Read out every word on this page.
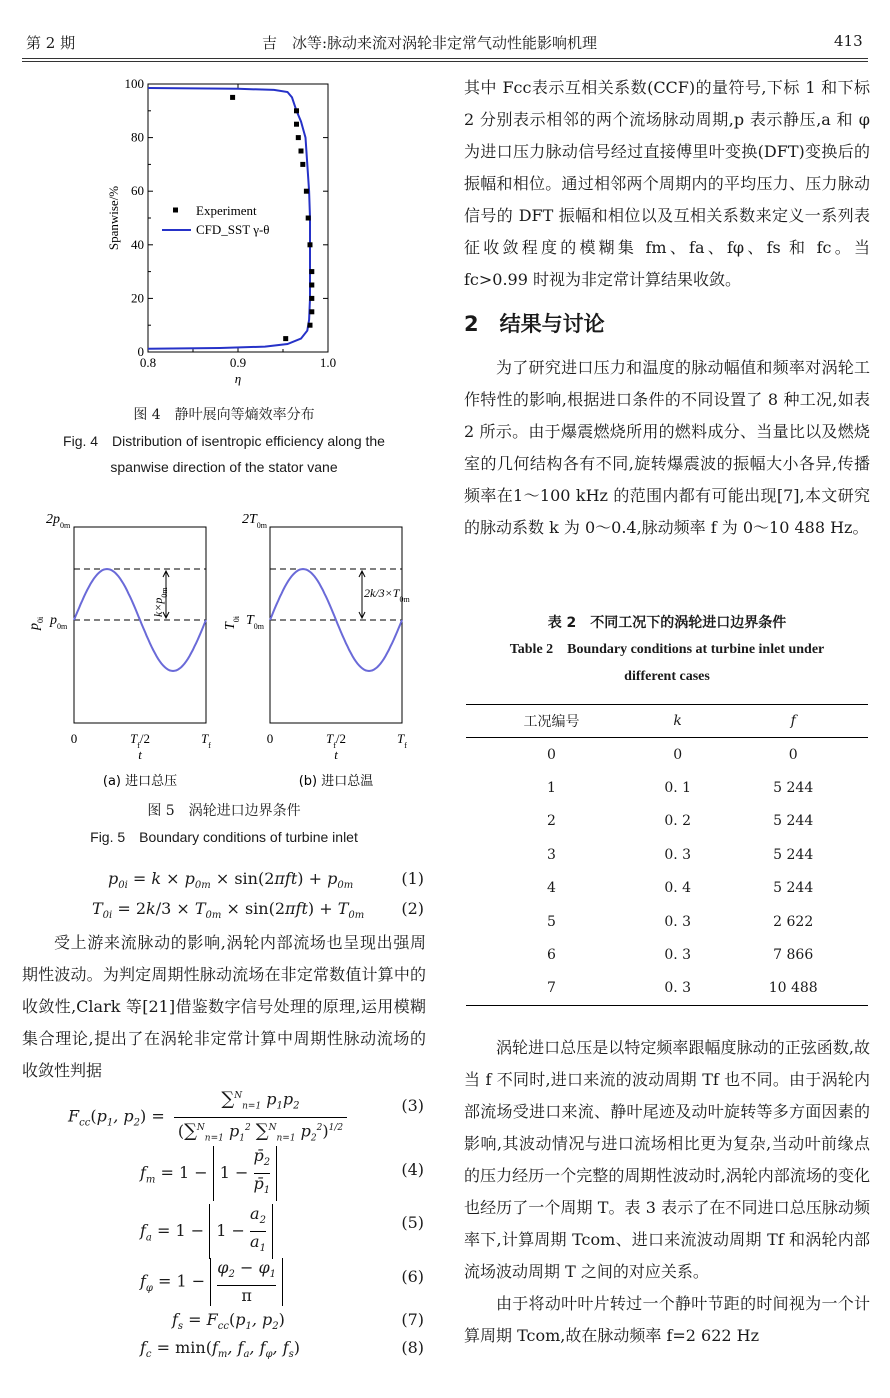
第 2 期	吉　冰等:脉动来流对涡轮非定常气动性能影响机理	413
0.8	0.9	1.0
0
20
40
60
80
100
η
Spanwise/%	Experiment
CFD_SST γ-θ
图 4　静叶展向等熵效率分布
Fig. 4　Distribution of isentropic efficiency along the
spanwise direction of the stator vane
$k\times p_{0m}$
$2p_{0m}$
$p_{0m}$
$p_{0i}$
0	$T_f/2$	$T_f$
t
(a) 进口总压
$2k/3\times T_{0m}$
$2T_{0m}$
$T_{0m}$
$T_{0i}$
0	$T_f/2$	$T_f$
t
(b) 进口总温
图 5　涡轮进口边界条件
Fig. 5　Boundary conditions of turbine inlet
$p_{0i} = k \times p_{0m} \times \sin(2\pi ft) + p_{0m}$	(1)
$T_{0i} = 2k/3 \times T_{0m} \times \sin(2\pi ft) + T_{0m}$ (2)

受上游来流脉动的影响,涡轮内部流场也呈现出强周期性波动。为判定周期性脉动流场在非定常数值计算中的收敛性,Clark 等[21]借鉴数字信号处理的原理,运用模糊集合理论,提出了在涡轮非定常计算中周期性脉动流场的收敛性判据

$F_{cc}(p_1$, $p_2) = \frac{\sum^N_{n=1} p_1p_2}{(\sum^N_{n=1} p_1^2 \sum^N_{n=1} p_2^2)^{1/2}}$	(3)
$f_m = 1 - 1 - \frac{p̄_2}{p̄_1}$	(4)
$f_a = 1 - 1 - \frac{a_2}{a_1}$	(5)
$f_\varphi = 1 - \frac{\varphi_2 - \varphi_1}{\pi}$	(6)
$f_s = F_{cc}(p_1$, $p_2$)	(7)
$f_c = \min(f_m$, $f_a$, $f_\varphi$, $f_s$)	(8)

其中 Fcc表示互相关系数(CCF)的量符号,下标 1 和下标 2 分别表示相邻的两个流场脉动周期,p 表示静压,a 和 φ 为进口压力脉动信号经过直接傅里叶变换(DFT)变换后的振幅和相位。通过相邻两个周期内的平均压力、压力脉动信号的 DFT 振幅和相位以及互相关系数来定义一系列表征收敛程度的模糊集 fm、fa、fφ、fs 和 fc。当 fc>0.99 时视为非定常计算结果收敛。

2　结果与讨论

为了研究进口压力和温度的脉动幅值和频率对涡轮工作特性的影响,根据进口条件的不同设置了 8 种工况,如表 2 所示。由于爆震燃烧所用的燃料成分、当量比以及燃烧室的几何结构各有不同,旋转爆震波的振幅大小各异,传播频率在1～100 kHz 的范围内都有可能出现[7],本文研究的脉动系数 k 为 0～0.4,脉动频率 f 为 0～10 488 Hz。

表 2　不同工况下的涡轮进口边界条件
Table 2　Boundary conditions at turbine inlet under
different cases
工况编号	k	f
0	0	0
1	0. 1	5 244
2	0. 2	5 244
3	0. 3	5 244
4	0. 4	5 244
5	0. 3	2 622
6	0. 3	7 866
7	0. 3	10 488

涡轮进口总压是以特定频率跟幅度脉动的正弦函数,故当 f 不同时,进口来流的波动周期 Tf 也不同。由于涡轮内部流场受进口来流、静叶尾迹及动叶旋转等多方面因素的影响,其波动情况与进口流场相比更为复杂,当动叶前缘点的压力经历一个完整的周期性波动时,涡轮内部流场的变化也经历了一个周期 T。表 3 表示了在不同进口总压脉动频率下,计算周期 Tcom、进口来流波动周期 Tf 和涡轮内部流场波动周期 T 之间的对应关系。

由于将动叶叶片转过一个静叶节距的时间视为一个计算周期 Tcom,故在脉动频率 f=2 622 Hz
